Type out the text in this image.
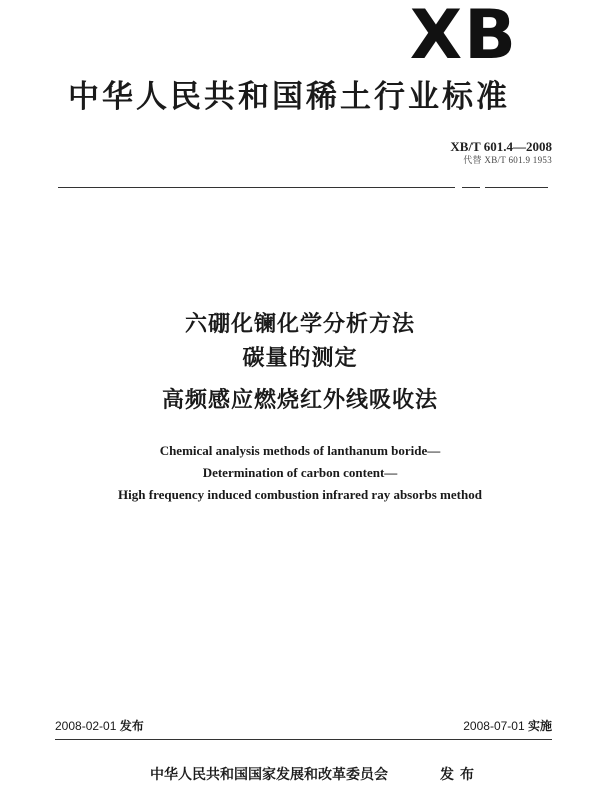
XB
中华人民共和国稀土行业标准
XB/T 601.4—2008
代替 XB/T 601.9 1953
六硼化镧化学分析方法
碳量的测定
高频感应燃烧红外线吸收法
Chemical analysis methods of lanthanum boride—
Determination of carbon content—
High frequency induced combustion infrared ray absorbs method
2008-02-01 发布	2008-07-01 实施
中华人民共和国国家发展和改革委员会	发布
